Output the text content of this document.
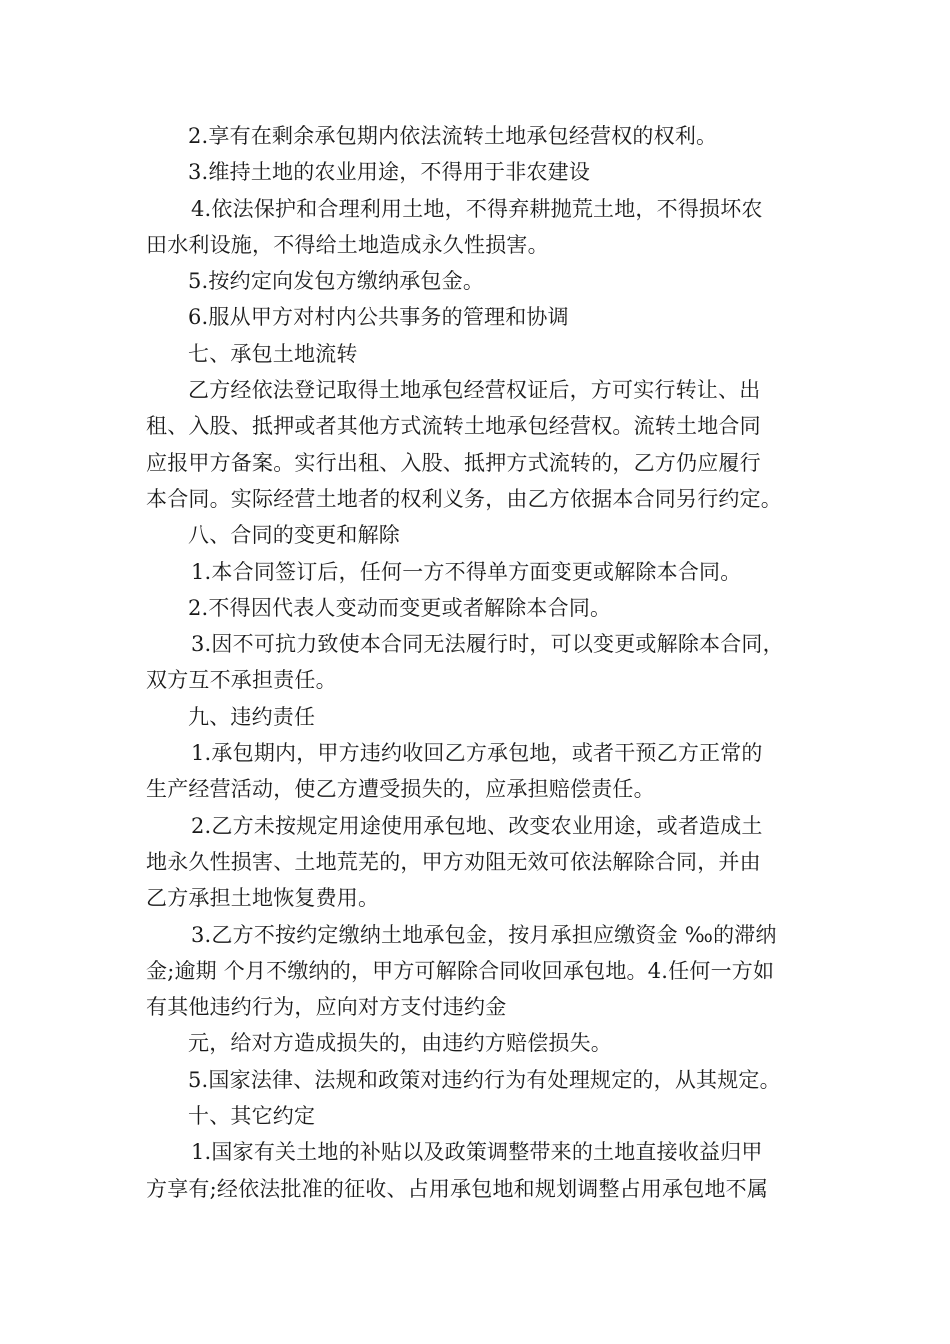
2.享有在剩余承包期内依法流转土地承包经营权的权利。
3.维持土地的农业用途，不得用于非农建设
4.依法保护和合理利用土地，不得弃耕抛荒土地，不得损坏农
田水利设施，不得给土地造成永久性损害。
5.按约定向发包方缴纳承包金。
6.服从甲方对村内公共事务的管理和协调
七、承包土地流转
乙方经依法登记取得土地承包经营权证后，方可实行转让、出
租、入股、抵押或者其他方式流转土地承包经营权。流转土地合同
应报甲方备案。实行出租、入股、抵押方式流转的，乙方仍应履行
本合同。实际经营土地者的权利义务，由乙方依据本合同另行约定。
八、合同的变更和解除
1.本合同签订后，任何一方不得单方面变更或解除本合同。
2.不得因代表人变动而变更或者解除本合同。
3.因不可抗力致使本合同无法履行时，可以变更或解除本合同，
双方互不承担责任。
九、违约责任
1.承包期内，甲方违约收回乙方承包地，或者干预乙方正常的
生产经营活动，使乙方遭受损失的，应承担赔偿责任。
2.乙方未按规定用途使用承包地、改变农业用途，或者造成土
地永久性损害、土地荒芜的，甲方劝阻无效可依法解除合同，并由
乙方承担土地恢复费用。
3.乙方不按约定缴纳土地承包金，按月承担应缴资金 ‰的滞纳
金;逾期 个月不缴纳的，甲方可解除合同收回承包地。4.任何一方如
有其他违约行为，应向对方支付违约金
元，给对方造成损失的，由违约方赔偿损失。
5.国家法律、法规和政策对违约行为有处理规定的，从其规定。
十、其它约定
1.国家有关土地的补贴以及政策调整带来的土地直接收益归甲
方享有;经依法批准的征收、占用承包地和规划调整占用承包地不属
